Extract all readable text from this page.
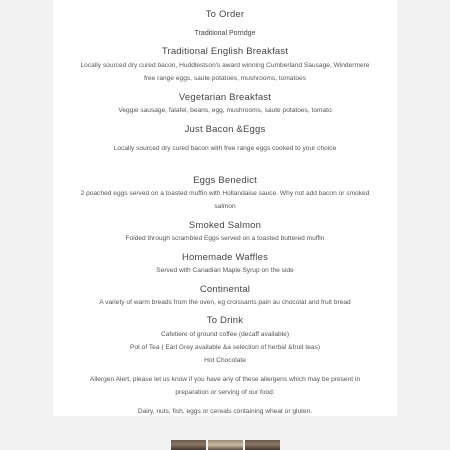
To Order
Traditional Porridge
Traditional English Breakfast
Locally sourced dry cured bacon, Huddlestson's award winning Cumberland Sausage, Windermere
free range eggs, saute potatoes, mushrooms, tomatoes
Vegetarian Breakfast
Veggie sausage, falafel, beans, egg, mushrooms, saute potatoes, tomato
Just Bacon &Eggs
Locally sourced dry cured bacon with free range eggs cooked to your choice
Eggs Benedict
2 poached eggs served on a toasted muffin with Hollandaise sauce. Why not add bacon or smoked
salmon
Smoked Salmon
Folded through scrambled Eggs served on a toasted buttered muffin
Homemade Waffles
Served with Canadian Maple Syrup on the side
Continental
A variety of warm breads from the oven, eg croissants pain au chocolat and fruit bread
To Drink
Cafetiere of ground coffee (decaff available)
Pot of Tea ( Earl Grey available &a selection of herbal &fruit teas)
Hot Chocolate
Allergen Alert, please let us know if you have any of these allergens which may be present in
preparation or serving of our food:
Dairy, nuts, fish, eggs or cereals containing wheat or gluten.
